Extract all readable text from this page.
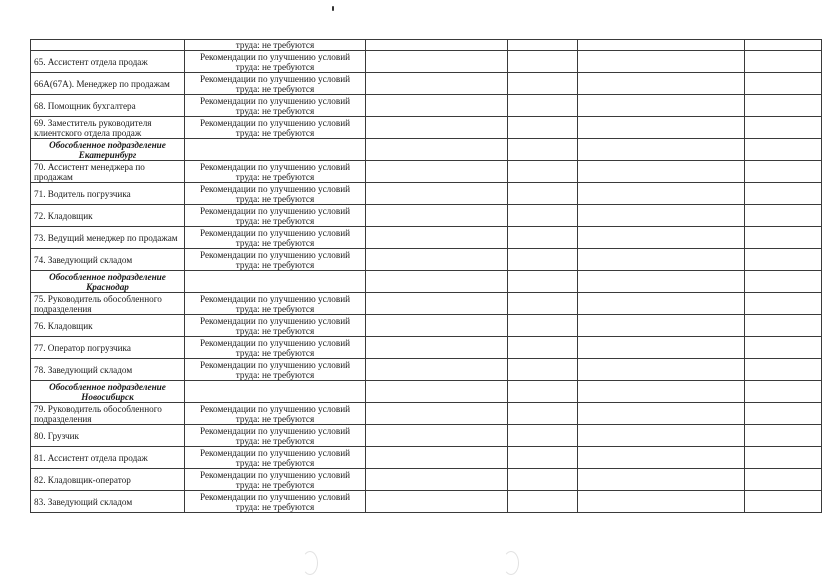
	труда: не требуются				
65. Ассистент отдела продаж	Рекомендации по улучшению условий труда: не требуются				
66А(67А). Менеджер по продажам	Рекомендации по улучшению условий труда: не требуются				
68. Помощник бухгалтера	Рекомендации по улучшению условий труда: не требуются				
69. Заместитель руководителя клиентского отдела продаж	Рекомендации по улучшению условий труда: не требуются				
Обособленное подразделение Екатеринбург					
70. Ассистент менеджера по продажам	Рекомендации по улучшению условий труда: не требуются				
71. Водитель погрузчика	Рекомендации по улучшению условий труда: не требуются				
72. Кладовщик	Рекомендации по улучшению условий труда: не требуются				
73. Ведущий менеджер по продажам	Рекомендации по улучшению условий труда: не требуются				
74. Заведующий складом	Рекомендации по улучшению условий труда: не требуются				
Обособленное подразделение Краснодар					
75. Руководитель обособленного подразделения	Рекомендации по улучшению условий труда: не требуются				
76. Кладовщик	Рекомендации по улучшению условий труда: не требуются				
77. Оператор погрузчика	Рекомендации по улучшению условий труда: не требуются				
78. Заведующий складом	Рекомендации по улучшению условий труда: не требуются				
Обособленное подразделение Новосибирск					
79. Руководитель обособленного подразделения	Рекомендации по улучшению условий труда: не требуются				
80. Грузчик	Рекомендации по улучшению условий труда: не требуются				
81. Ассистент отдела продаж	Рекомендации по улучшению условий труда: не требуются				
82. Кладовщик-оператор	Рекомендации по улучшению условий труда: не требуются				
83. Заведующий складом	Рекомендации по улучшению условий труда: не требуются				
